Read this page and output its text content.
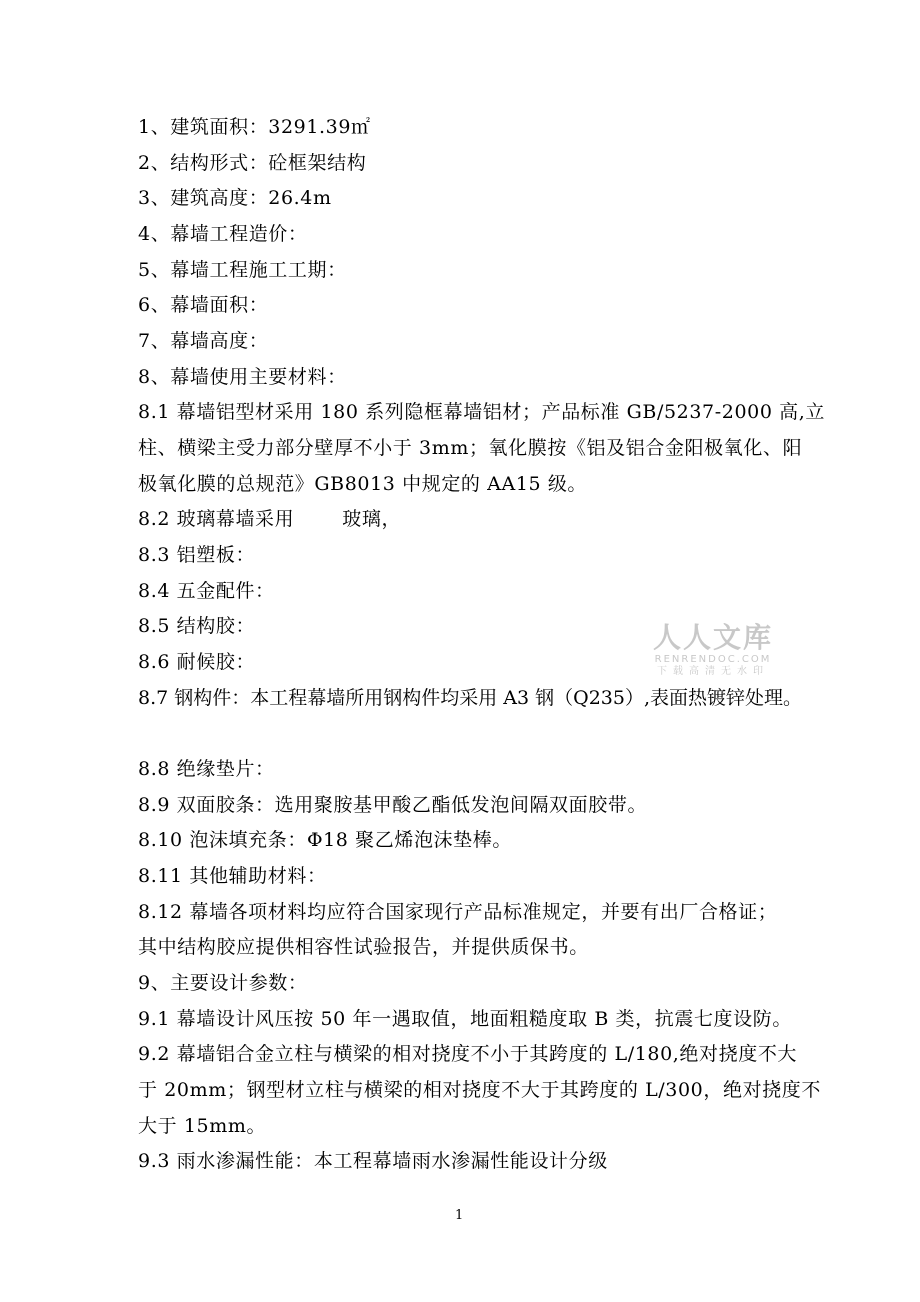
1、建筑面积：3291.39㎡

2、结构形式：砼框架结构

3、建筑高度：26.4m

4、幕墙工程造价：

5、幕墙工程施工工期：

6、幕墙面积：

7、幕墙高度：

8、幕墙使用主要材料：

8.1 幕墙铝型材采用 180 系列隐框幕墙铝材；产品标准 GB/5237-2000 高,立

柱、横梁主受力部分壁厚不小于 3mm；氧化膜按《铝及铝合金阳极氧化、阳

极氧化膜的总规范》GB8013 中规定的 AA15 级。

8.2 玻璃幕墙采用	玻璃，

8.3 铝塑板：

8.4 五金配件：

8.5 结构胶：

8.6 耐候胶：

8.7 钢构件：本工程幕墙所用钢构件均采用 A3 钢（Q235）,表面热镀锌处理。

8.8 绝缘垫片：

8.9 双面胶条：选用聚胺基甲酸乙酯低发泡间隔双面胶带。

8.10 泡沫填充条：Φ18 聚乙烯泡沫垫棒。

8.11 其他辅助材料：

8.12 幕墙各项材料均应符合国家现行产品标准规定，并要有出厂合格证；

其中结构胶应提供相容性试验报告，并提供质保书。

9、主要设计参数：

9.1 幕墙设计风压按 50 年一遇取值，地面粗糙度取 B 类，抗震七度设防。

9.2 幕墙铝合金立柱与横梁的相对挠度不小于其跨度的 L/180,绝对挠度不大

于 20mm；钢型材立柱与横梁的相对挠度不大于其跨度的 L/300，绝对挠度不

大于 15mm。

9.3 雨水渗漏性能：本工程幕墙雨水渗漏性能设计分级

人人文库
RENRENDOC.COM
下载高清无水印
1
